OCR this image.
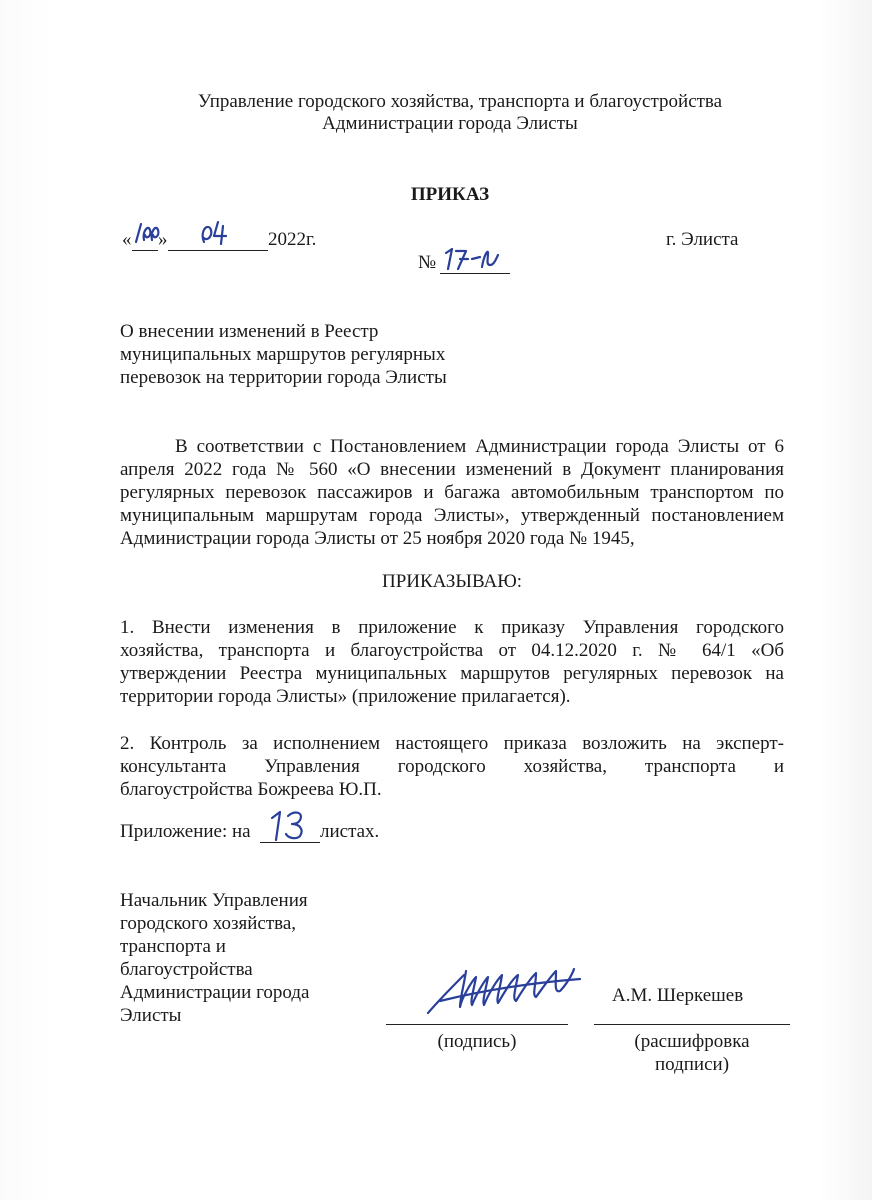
Управление городского хозяйства, транспорта и благоустройства
Администрации города Элисты
ПРИКАЗ
« »	2022г.	г. Элиста
№
О внесении изменений в Реестр
муниципальных маршрутов регулярных
перевозок на территории города Элисты
В соответствии с Постановлением Администрации города Элисты от 6
апреля 2022 года № 560 «О внесении изменений в Документ планирования
регулярных перевозок пассажиров и багажа автомобильным транспортом по
муниципальным маршрутам города Элисты», утвержденный постановлением
Администрации города Элисты от 25 ноября 2020 года № 1945,
ПРИКАЗЫВАЮ:
1. Внести изменения в приложение к приказу Управления городского
хозяйства, транспорта и благоустройства от 04.12.2020 г. № 64/1 «Об
утверждении Реестра муниципальных маршрутов регулярных перевозок на
территории города Элисты» (приложение прилагается).
2. Контроль за исполнением настоящего приказа возложить на эксперт-
консультанта Управления городского хозяйства, транспорта и
благоустройства Божреева Ю.П.
Приложение: на	листах.
Начальник Управления
городского хозяйства,
транспорта и
благоустройства
Администрации города
Элисты
А.М. Шеркешев
(подпись)	(расшифровка
подписи)
